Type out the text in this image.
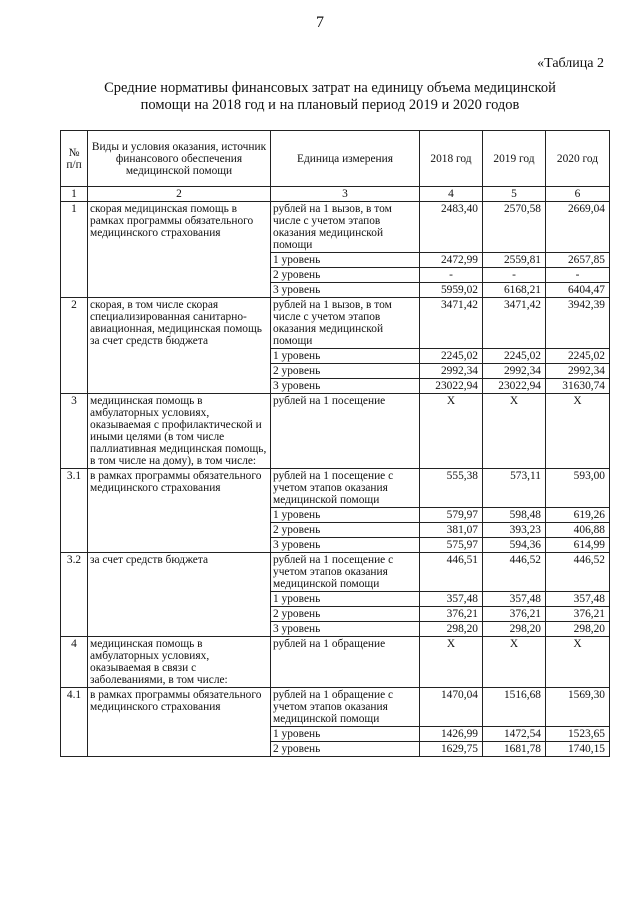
7
«Таблица 2
Средние нормативы финансовых затрат на единицу объема медицинской
помощи на 2018 год и на плановый период 2019 и 2020 годов
№ п/п	Виды и условия оказания, источник финансового обеспечения медицинской помощи	Единица измерения	2018 год	2019 год	2020 год
1	2	3	4	5	6
1	скорая медицинская помощь в рамках программы обязательного медицинского страхования	рублей на 1 вызов, в том числе с учетом этапов оказания медицинской помощи	2483,40	2570,58	2669,04
		1 уровень	2472,99	2559,81	2657,85
		2 уровень	-	-	-
		3 уровень	5959,02	6168,21	6404,47
2	скорая, в том числе скорая специализированная санитарно-авиационная, медицинская помощь за счет средств бюджета	рублей на 1 вызов, в том числе с учетом этапов оказания медицинской помощи	3471,42	3471,42	3942,39
		1 уровень	2245,02	2245,02	2245,02
		2 уровень	2992,34	2992,34	2992,34
		3 уровень	23022,94	23022,94	31630,74
3	медицинская помощь в амбулаторных условиях, оказываемая с профилактической и иными целями (в том числе паллиативная медицинская помощь, в том числе на дому), в том числе:	рублей на 1 посещение	X	X	X
3.1	в рамках программы обязательного медицинского страхования	рублей на 1 посещение с учетом этапов оказания медицинской помощи	555,38	573,11	593,00
		1 уровень	579,97	598,48	619,26
		2 уровень	381,07	393,23	406,88
		3 уровень	575,97	594,36	614,99
3.2	за счет средств бюджета	рублей на 1 посещение с учетом этапов оказания медицинской помощи	446,51	446,52	446,52
		1 уровень	357,48	357,48	357,48
		2 уровень	376,21	376,21	376,21
		3 уровень	298,20	298,20	298,20
4	медицинская помощь в амбулаторных условиях, оказываемая в связи с заболеваниями, в том числе:	рублей на 1 обращение	X	X	X
4.1	в рамках программы обязательного медицинского страхования	рублей на 1 обращение с учетом этапов оказания медицинской помощи	1470,04	1516,68	1569,30
		1 уровень	1426,99	1472,54	1523,65
		2 уровень	1629,75	1681,78	1740,15
